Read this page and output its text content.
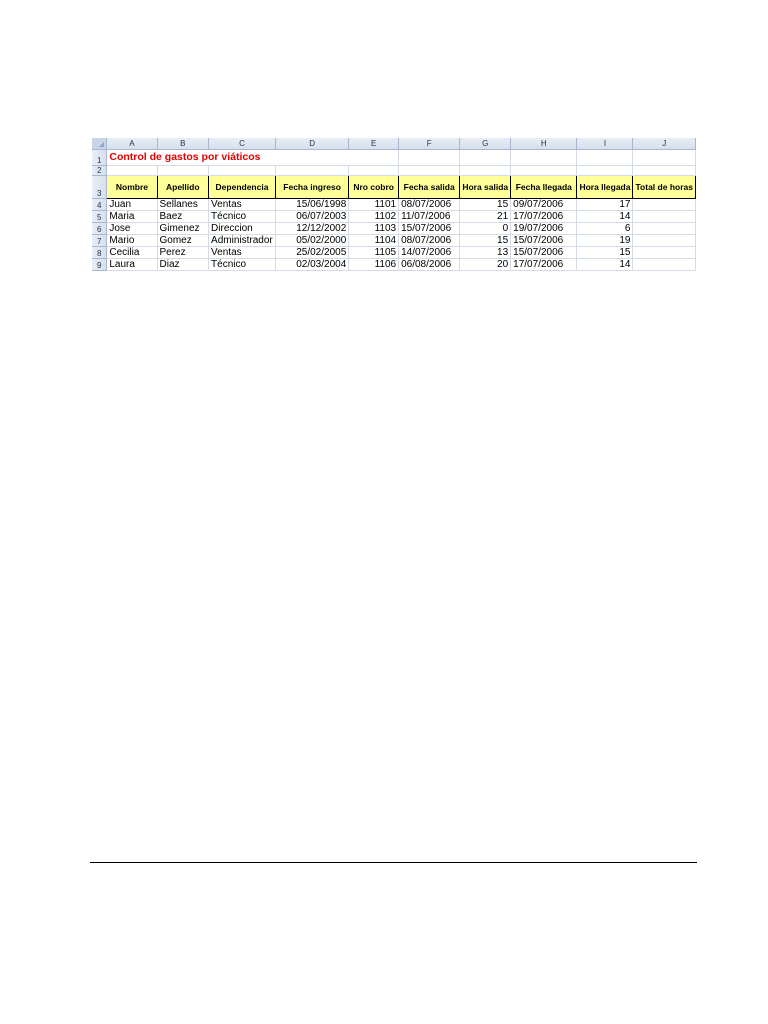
	A	B	C	D	E	F	G	H	I	J
1	Control de gastos por viáticos									
2										
3	Nombre	Apellido	Dependencia	Fecha ingreso	Nro cobro	Fecha salida	Hora salida	Fecha llegada	Hora llegada	Total de horas
4	Juan	Sellanes	Ventas	15/06/1998	1101	08/07/2006	15	09/07/2006	17	
5	Maria	Baez	Técnico	06/07/2003	1102	11/07/2006	21	17/07/2006	14	
6	Jose	Gimenez	Direccion	12/12/2002	1103	15/07/2006	0	19/07/2006	6	
7	Mario	Gomez	Administrador	05/02/2000	1104	08/07/2006	15	15/07/2006	19	
8	Cecilia	Perez	Ventas	25/02/2005	1105	14/07/2006	13	15/07/2006	15	
9	Laura	Diaz	Técnico	02/03/2004	1106	06/08/2006	20	17/07/2006	14	
